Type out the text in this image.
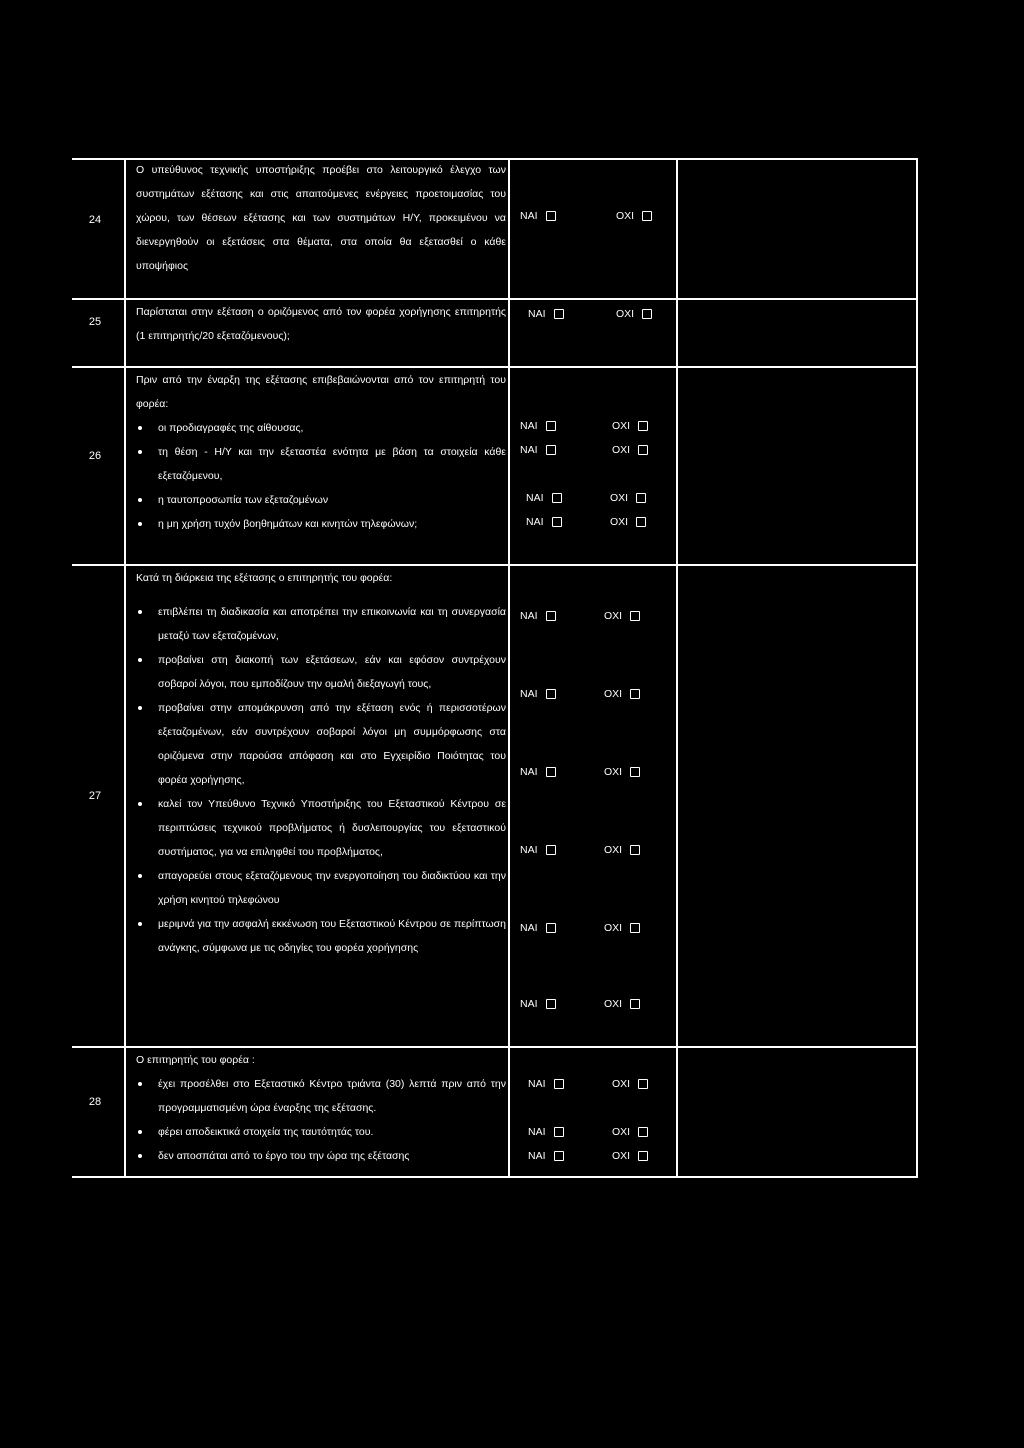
24

Ο υπεύθυνος τεχνικής υποστήριξης προέβει στο λειτουργικό έλεγχο των συστημάτων εξέτασης και στις απαιτούμενες ενέργειες προετοιμασίας του χώρου, των θέσεων εξέτασης και των συστημάτων Η/Υ, προκειμένου να διενεργηθούν οι εξετάσεις στα θέματα, στα οποία θα εξετασθεί ο κάθε υποψήφιος

ΝΑΙ	ΟΧΙ
25

Παρίσταται στην εξέταση ο οριζόμενος από τον φορέα χορήγησης επιτηρητής (1 επιτηρητής/20 εξεταζόμενους);

ΝΑΙ	ΟΧΙ
26

Πριν από την έναρξη της εξέτασης επιβεβαιώνονται από τον επιτηρητή του φορέα:

οι προδιαγραφές της αίθουσας,

τη θέση - Η/Υ και την εξεταστέα ενότητα με βάση τα στοιχεία κάθε εξεταζόμενου,

η ταυτοπροσωπία των εξεταζομένων

η μη χρήση τυχόν βοηθημάτων και κινητών τηλεφώνων;

ΝΑΙ	ΟΧΙ
ΝΑΙ	ΟΧΙ
ΝΑΙ	ΟΧΙ
ΝΑΙ	ΟΧΙ
27

Κατά τη διάρκεια της εξέτασης ο επιτηρητής του φορέα:

επιβλέπει τη διαδικασία και αποτρέπει την επικοινωνία και τη συνεργασία μεταξύ των εξεταζομένων,

προβαίνει στη διακοπή των εξετάσεων, εάν και εφόσον συντρέχουν σοβαροί λόγοι, που εμποδίζουν την ομαλή διεξαγωγή τους,

προβαίνει στην απομάκρυνση από την εξέταση ενός ή περισσοτέρων εξεταζομένων, εάν συντρέχουν σοβαροί λόγοι μη συμμόρφωσης στα οριζόμενα στην παρούσα απόφαση και στο Εγχειρίδιο Ποιότητας του φορέα χορήγησης,

καλεί τον Υπεύθυνο Τεχνικό Υποστήριξης του Εξεταστικού Κέντρου σε περιπτώσεις τεχνικού προβλήματος ή δυσλειτουργίας του εξεταστικού συστήματος, για να επιληφθεί του προβλήματος,

απαγορεύει στους εξεταζόμενους την ενεργοποίηση του διαδικτύου και την χρήση κινητού τηλεφώνου

μεριμνά για την ασφαλή εκκένωση του Εξεταστικού Κέντρου σε περίπτωση ανάγκης, σύμφωνα με τις οδηγίες του φορέα χορήγησης

ΝΑΙ	ΟΧΙ
ΝΑΙ	ΟΧΙ
ΝΑΙ	ΟΧΙ
ΝΑΙ	ΟΧΙ
ΝΑΙ	ΟΧΙ
ΝΑΙ	ΟΧΙ
28

Ο επιτηρητής του φορέα :

έχει προσέλθει στο Εξεταστικό Κέντρο τριάντα (30) λεπτά πριν από την προγραμματισμένη ώρα έναρξης της εξέτασης.

φέρει αποδεικτικά στοιχεία της ταυτότητάς του.

δεν αποσπάται από το έργο του την ώρα της εξέτασης

ΝΑΙ	ΟΧΙ
ΝΑΙ	ΟΧΙ
ΝΑΙ	ΟΧΙ
